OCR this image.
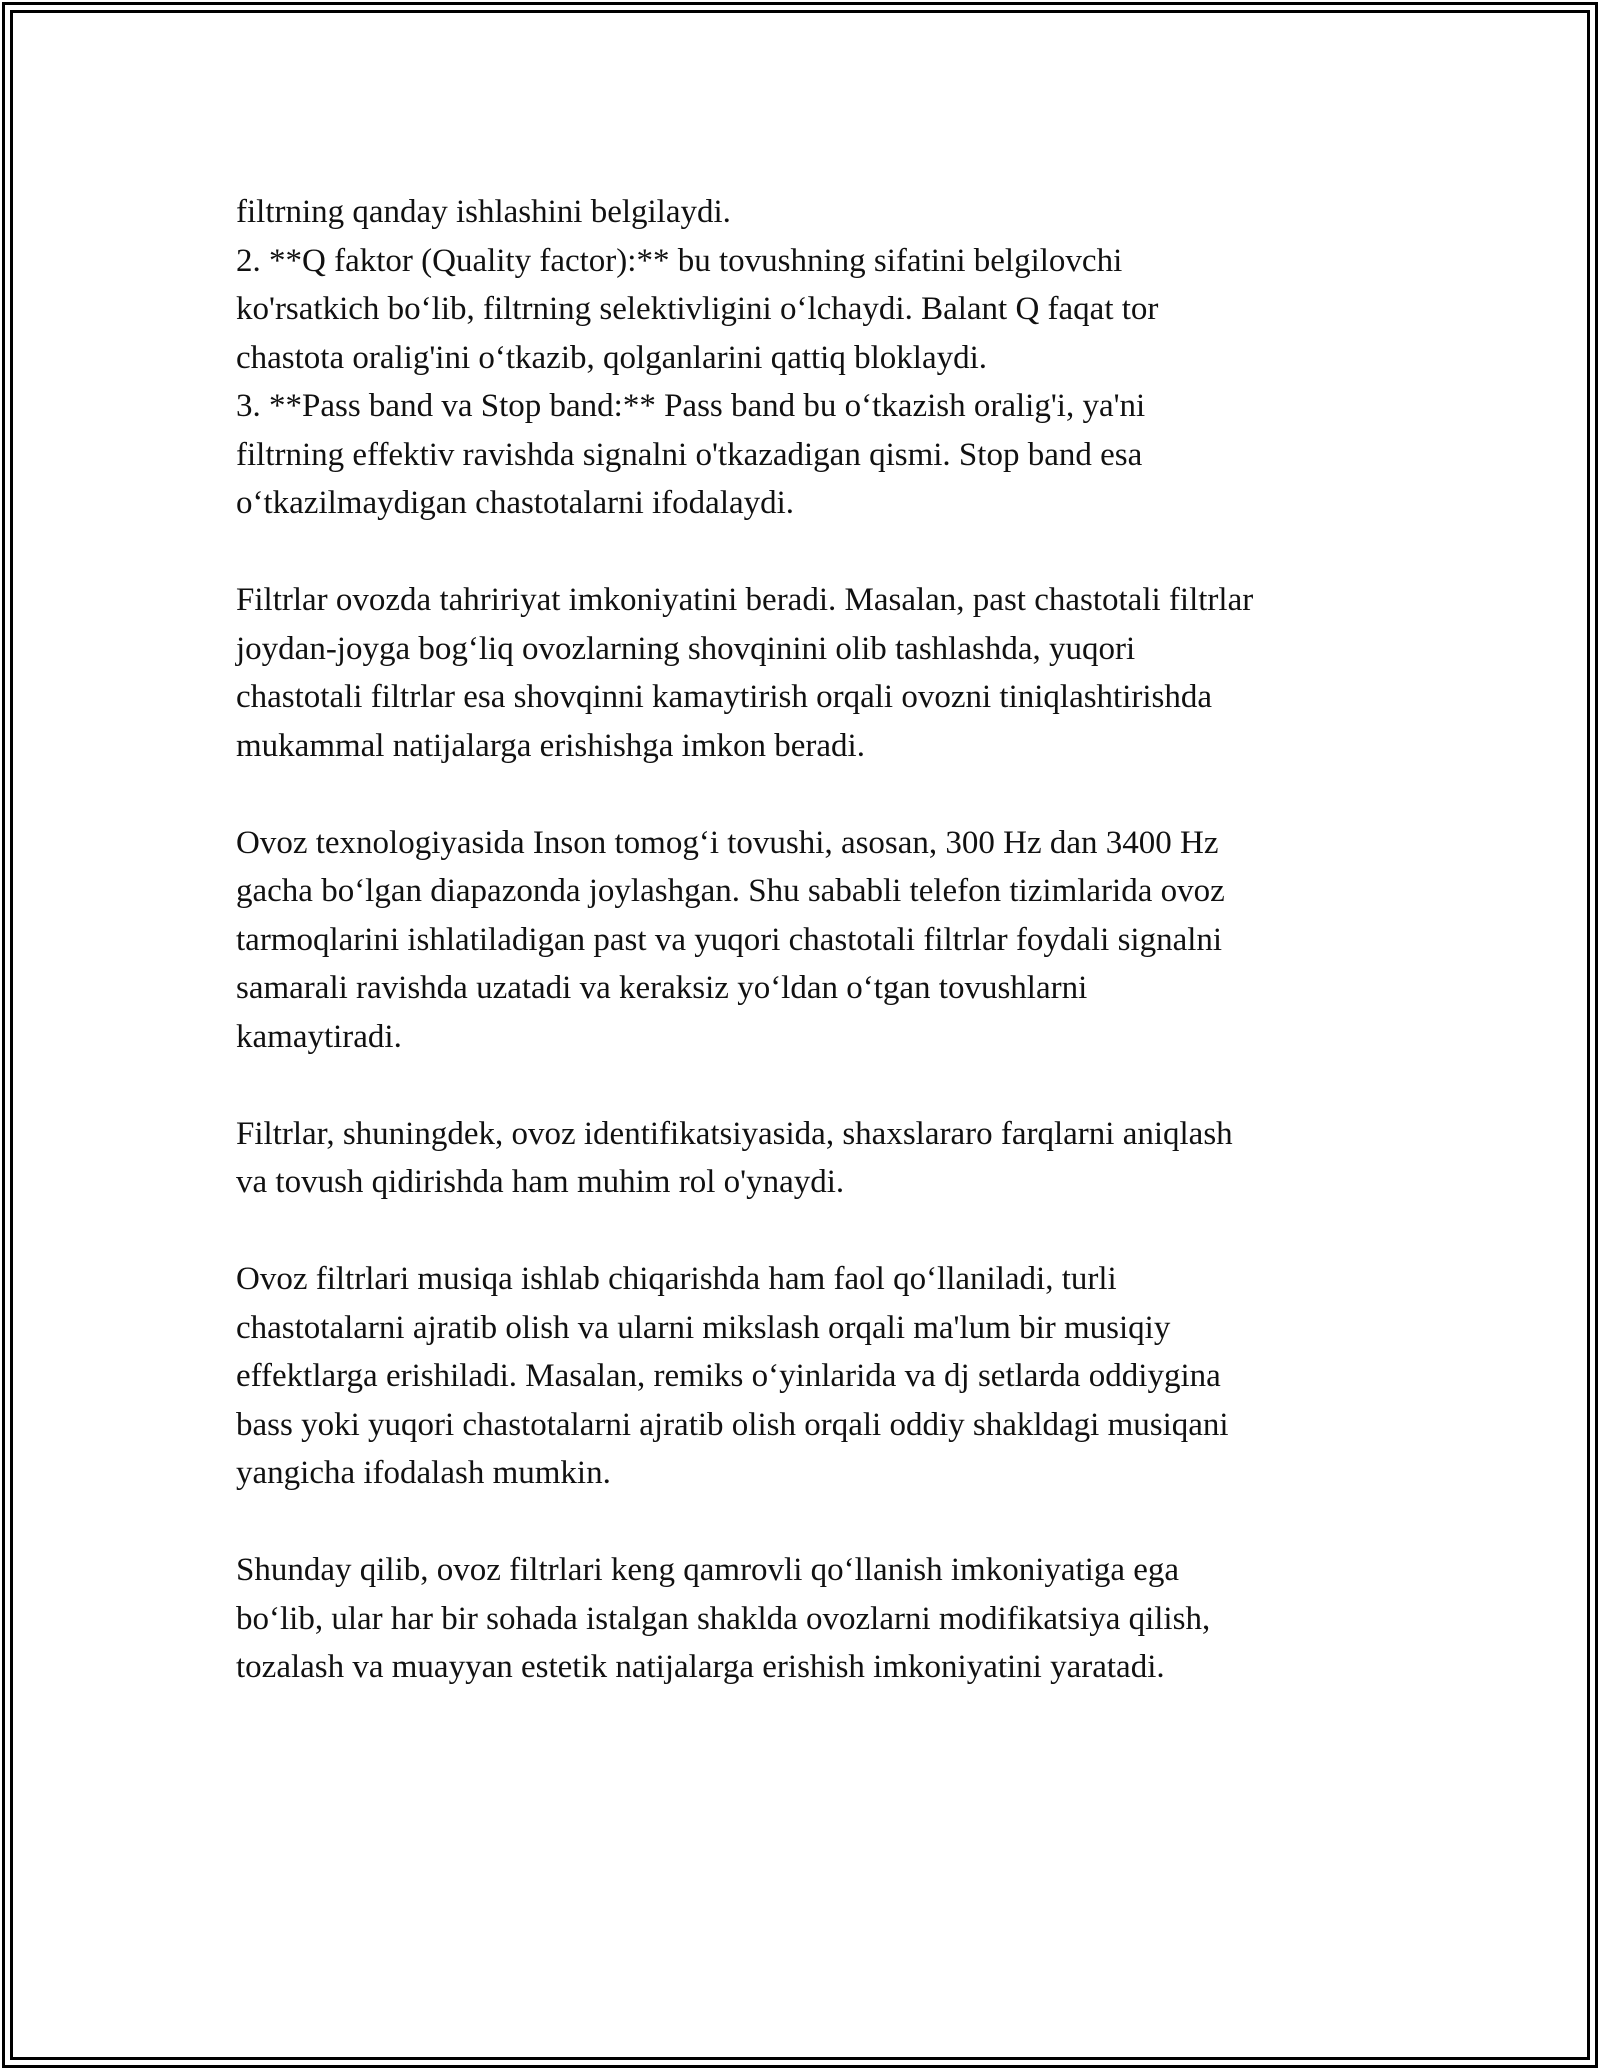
filtrning qanday ishlashini belgilaydi.
2. **Q faktor (Quality factor):** bu tovushning sifatini belgilovchi
ko'rsatkich bo‘lib, filtrning selektivligini o‘lchaydi. Balant Q faqat tor
chastota oralig'ini o‘tkazib, qolganlarini qattiq bloklaydi.
3. **Pass band va Stop band:** Pass band bu o‘tkazish oralig'i, ya'ni
filtrning effektiv ravishda signalni o'tkazadigan qismi. Stop band esa
o‘tkazilmaydigan chastotalarni ifodalaydi.

Filtrlar ovozda tahririyat imkoniyatini beradi. Masalan, past chastotali filtrlar
joydan-joyga bog‘liq ovozlarning shovqinini olib tashlashda, yuqori
chastotali filtrlar esa shovqinni kamaytirish orqali ovozni tiniqlashtirishda
mukammal natijalarga erishishga imkon beradi.

Ovoz texnologiyasida Inson tomog‘i tovushi, asosan, 300 Hz dan 3400 Hz
gacha bo‘lgan diapazonda joylashgan. Shu sababli telefon tizimlarida ovoz
tarmoqlarini ishlatiladigan past va yuqori chastotali filtrlar foydali signalni
samarali ravishda uzatadi va keraksiz yo‘ldan o‘tgan tovushlarni
kamaytiradi.

Filtrlar, shuningdek, ovoz identifikatsiyasida, shaxslararo farqlarni aniqlash
va tovush qidirishda ham muhim rol o'ynaydi.

Ovoz filtrlari musiqa ishlab chiqarishda ham faol qo‘llaniladi, turli
chastotalarni ajratib olish va ularni mikslash orqali ma'lum bir musiqiy
effektlarga erishiladi. Masalan, remiks o‘yinlarida va dj setlarda oddiygina
bass yoki yuqori chastotalarni ajratib olish orqali oddiy shakldagi musiqani
yangicha ifodalash mumkin.

Shunday qilib, ovoz filtrlari keng qamrovli qo‘llanish imkoniyatiga ega
bo‘lib, ular har bir sohada istalgan shaklda ovozlarni modifikatsiya qilish,
tozalash va muayyan estetik natijalarga erishish imkoniyatini yaratadi.
